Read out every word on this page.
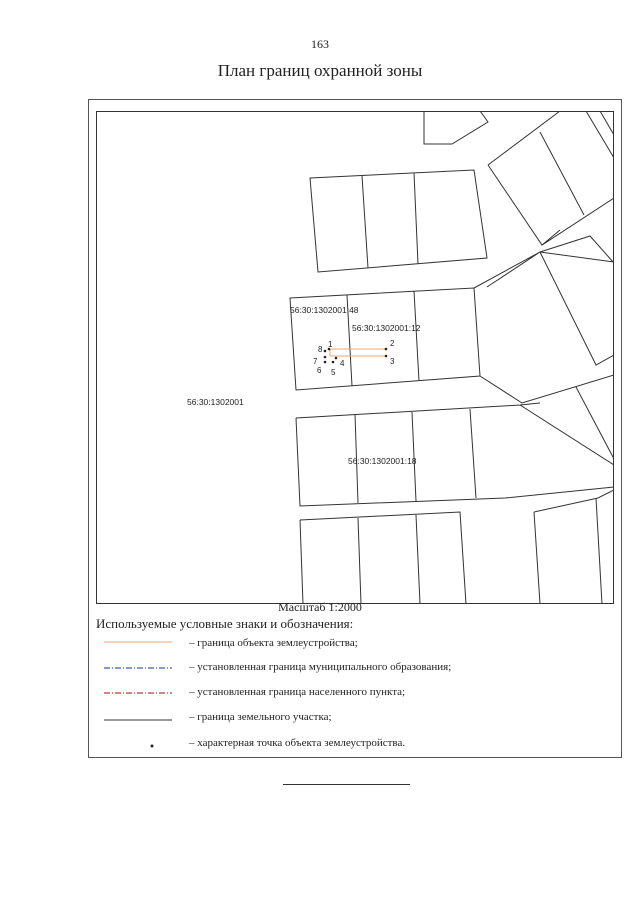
163
План границ охранной зоны
1	2
3
4
5
6
7
8
56:30:1302001
56:30:1302001:48
56:30:1302001:12
56:30:1302001:18
Масштаб 1:2000
Используемые условные знаки и обозначения:
– граница объекта землеустройства;
– установленная граница муниципального образования;
– установленная граница населенного пункта;
– граница земельного участка;
– характерная точка объекта землеустройства.
